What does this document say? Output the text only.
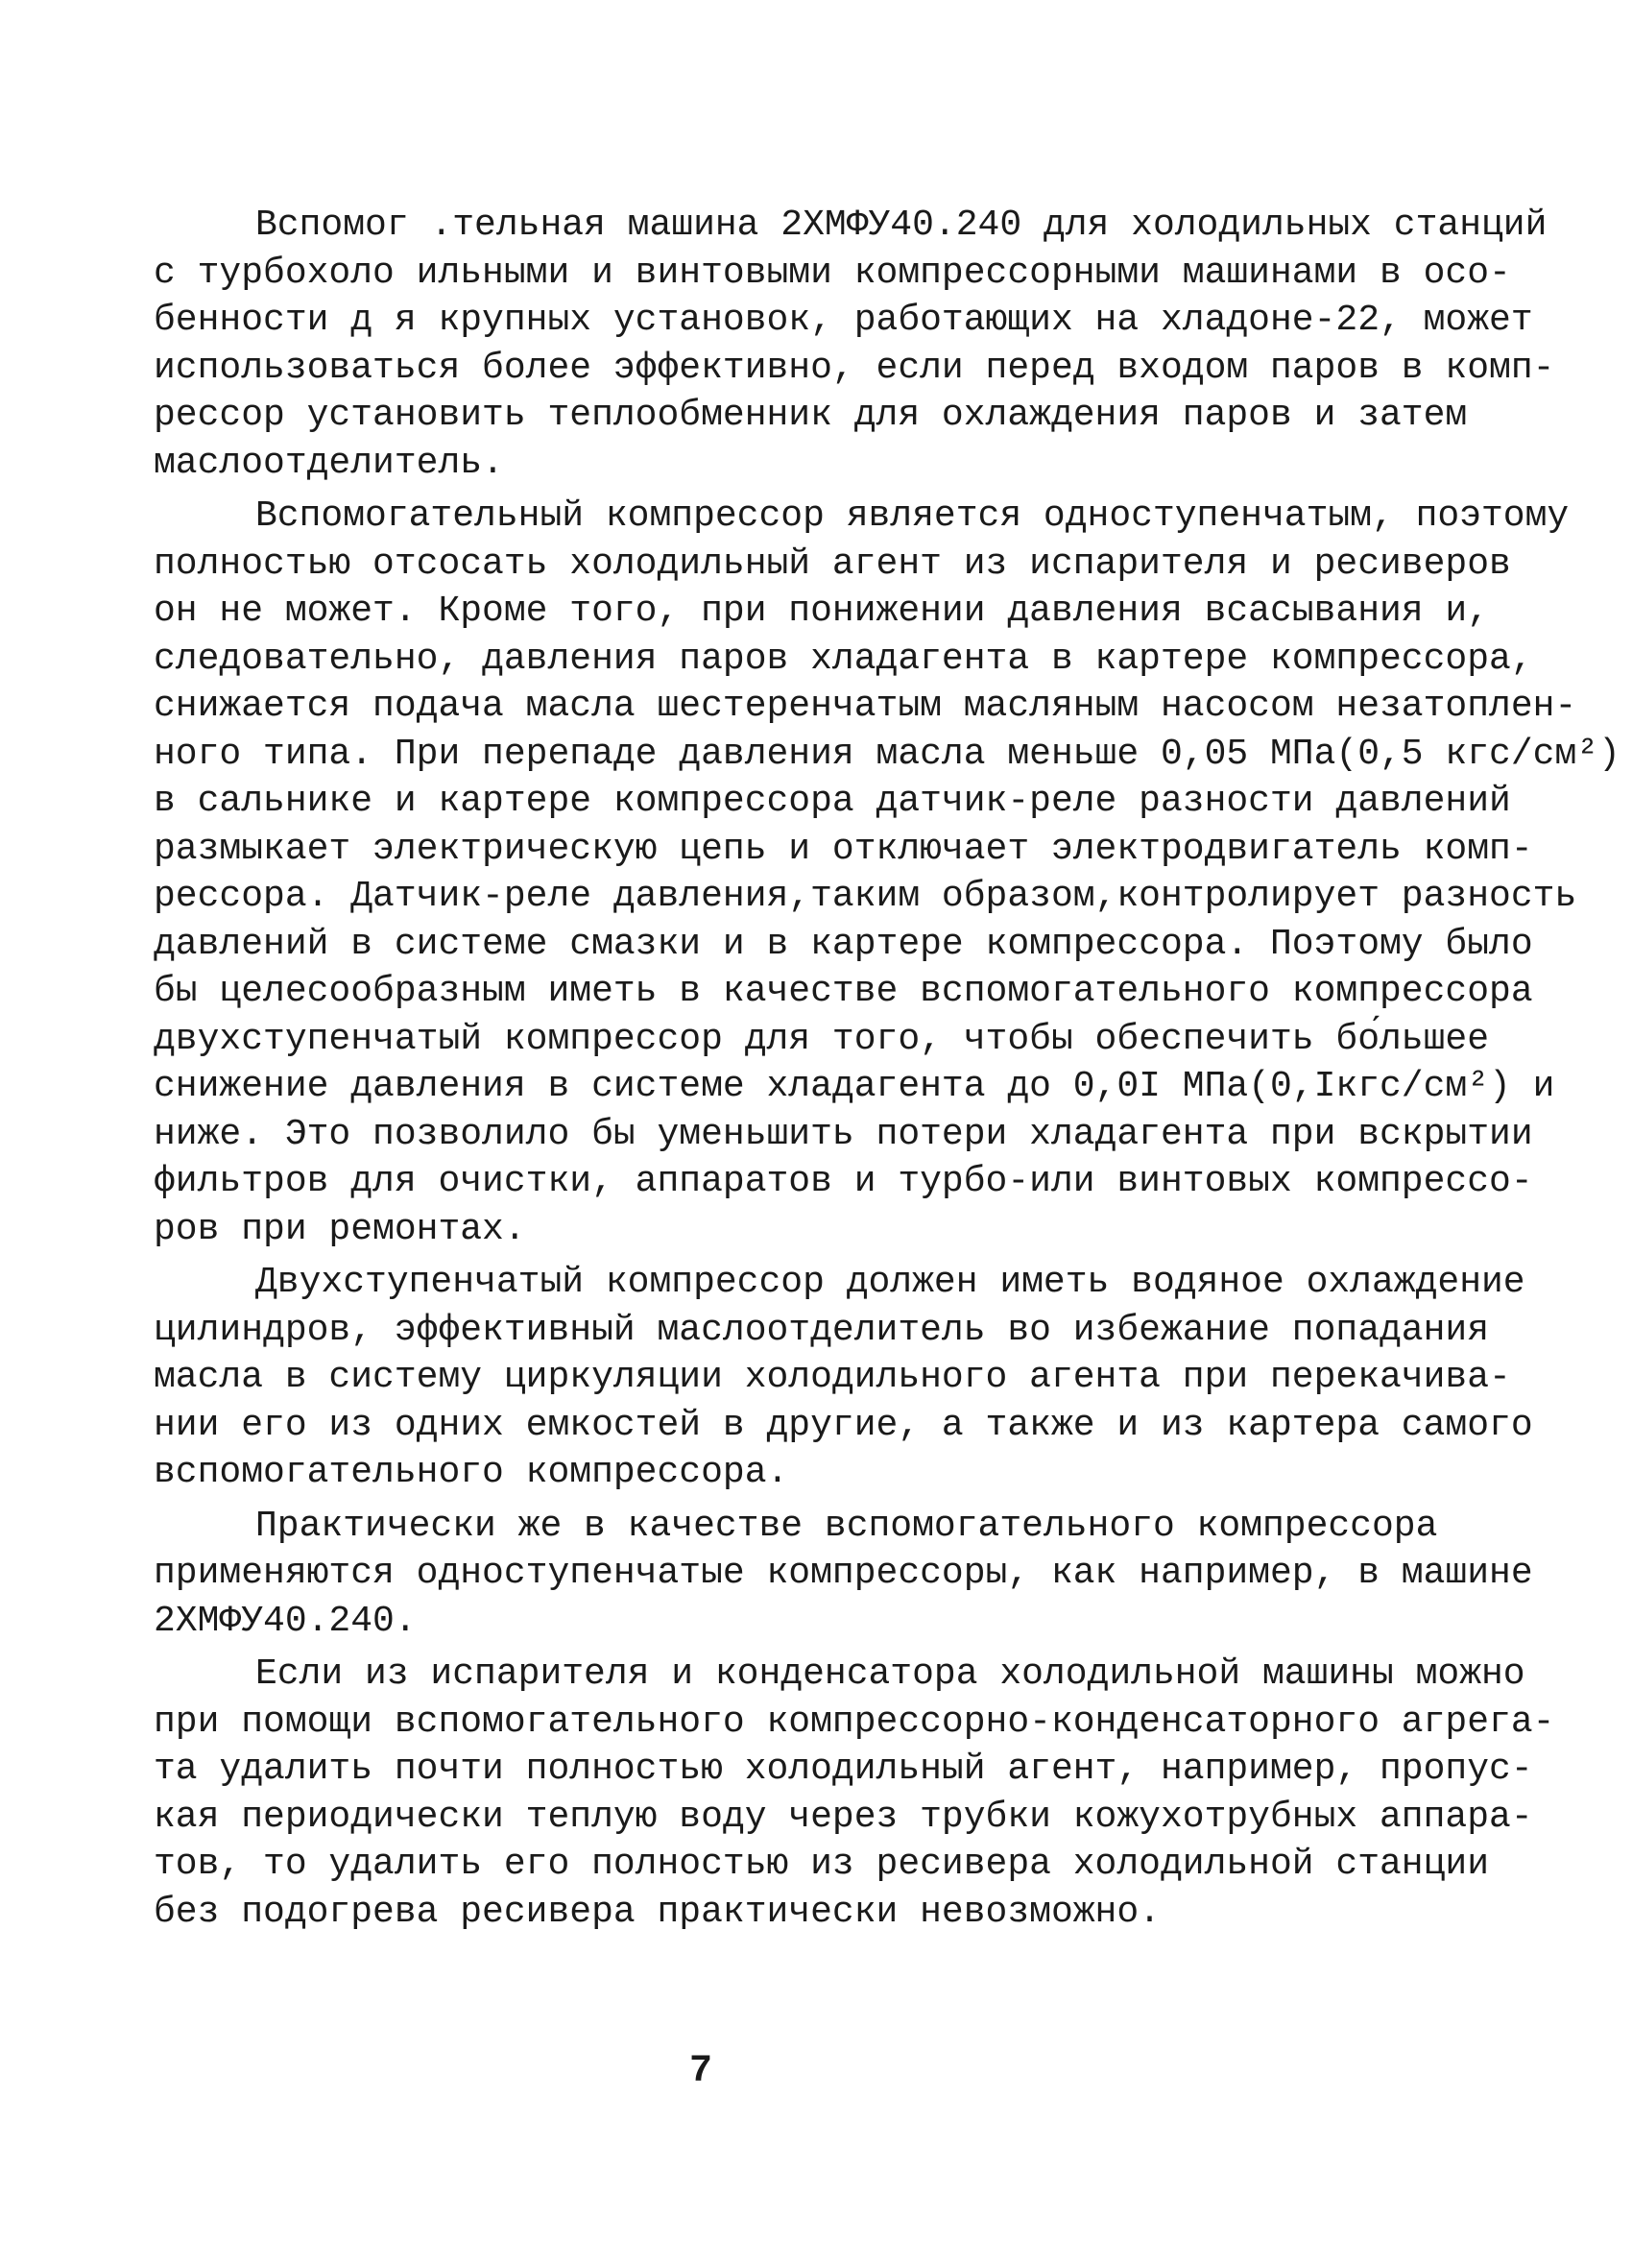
Вспомог .тельная машина 2ХМФУ40.240 для холодильных станций
с турбохоло ильными и винтовыми компрессорными машинами в осо-
бенности д я крупных установок, работающих на хладоне-22, может
использоваться более эффективно, если перед входом паров в комп-
рессор установить теплообменник для охлаждения паров и затем
маслоотделитель.
Вспомогательный компрессор является одноступенчатым, поэтому
полностью отсосать холодильный агент из испарителя и ресиверов
он не может. Кроме того, при понижении давления всасывания и,
следовательно, давления паров хладагента в картере компрессора,
снижается подача масла шестеренчатым масляным насосом незатоплен-
ного типа. При перепаде давления масла меньше 0,05 МПа(0,5 кгс/см²)
в сальнике и картере компрессора датчик-реле разности давлений
размыкает электрическую цепь и отключает электродвигатель комп-
рессора. Датчик-реле давления,таким образом,контролирует разность
давлений в системе смазки и в картере компрессора. Поэтому было
бы целесообразным иметь в качестве вспомогательного компрессора
двухступенчатый компрессор для того, чтобы обеспечить бо́льшее
снижение давления в системе хладагента до 0,0I МПа(0,Iкгс/см²) и
ниже. Это позволило бы уменьшить потери хладагента при вскрытии
фильтров для очистки, аппаратов и турбо-или винтовых компрессо-
ров при ремонтах.
Двухступенчатый компрессор должен иметь водяное охлаждение
цилиндров, эффективный маслоотделитель во избежание попадания
масла в систему циркуляции холодильного агента при перекачива-
нии его из одних емкостей в другие, а также и из картера самого
вспомогательного компрессора.
Практически же в качестве вспомогательного компрессора
применяются одноступенчатые компрессоры, как например, в машине
2ХМФУ40.240.
Если из испарителя и конденсатора холодильной машины можно
при помощи вспомогательного компрессорно-конденсаторного агрега-
та удалить почти полностью холодильный агент, например, пропус-
кая периодически теплую воду через трубки кожухотрубных аппара-
тов, то удалить его полностью из ресивера холодильной станции
без подогрева ресивера практически невозможно.
7
